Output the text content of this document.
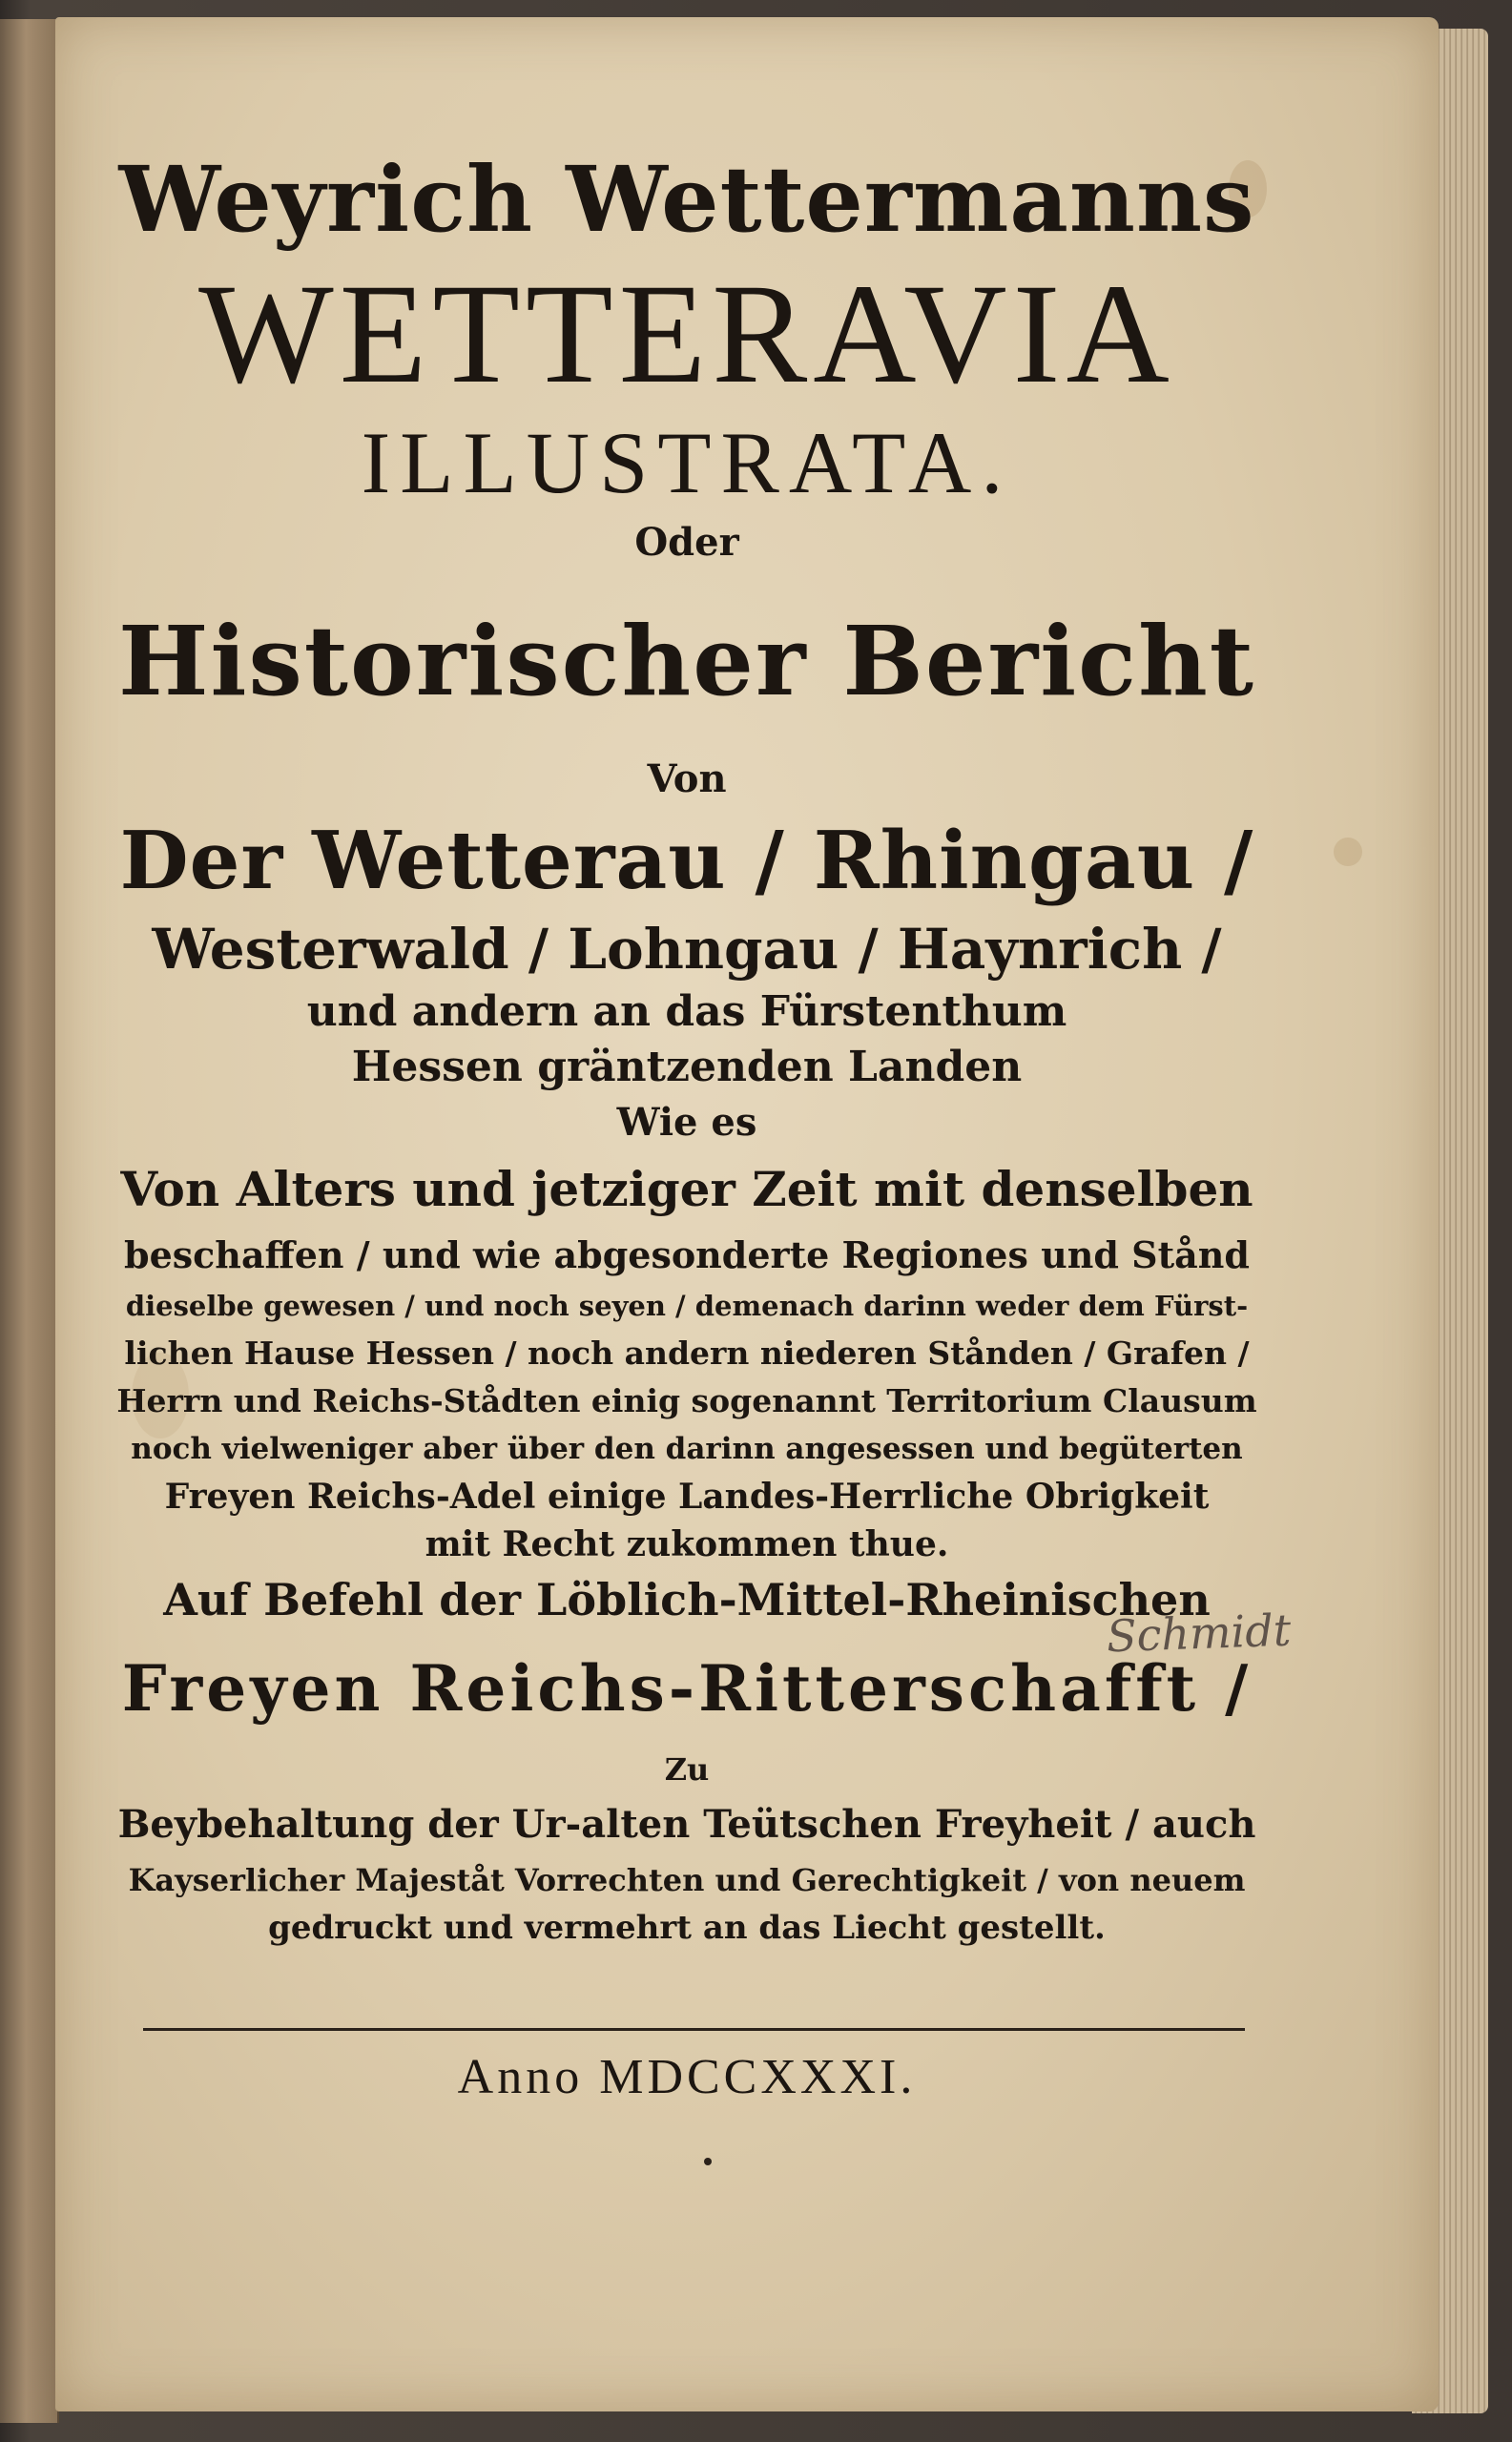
Weyrich Wettermanns
WETTERAVIA
ILLUSTRATA.
Oder
Historischer Bericht
Von
Der Wetterau / Rhingau /
Westerwald / Lohngau / Haynrich /
und andern an das Fürstenthum
Hessen gräntzenden Landen
Wie es
Von Alters und jetziger Zeit mit denselben
beschaffen / und wie abgesonderte Regiones und Stånd
dieselbe gewesen / und noch seyen / demenach darinn weder dem Fürst-
lichen Hause Hessen / noch andern niederen Stånden / Grafen /
Herrn und Reichs-Stådten einig sogenannt Territorium Clausum
noch vielweniger aber über den darinn angesessen und begüterten
Freyen Reichs-Adel einige Landes-Herrliche Obrigkeit
mit Recht zukommen thue.
Auf Befehl der Löblich-Mittel-Rheinischen
Freyen Reichs-Ritterschafft /
Zu
Beybehaltung der Ur-alten Teütschen Freyheit / auch
Kayserlicher Majeståt Vorrechten und Gerechtigkeit / von neuem
gedruckt und vermehrt an das Liecht gestellt.
Schmidt
Anno MDCCXXXI.
